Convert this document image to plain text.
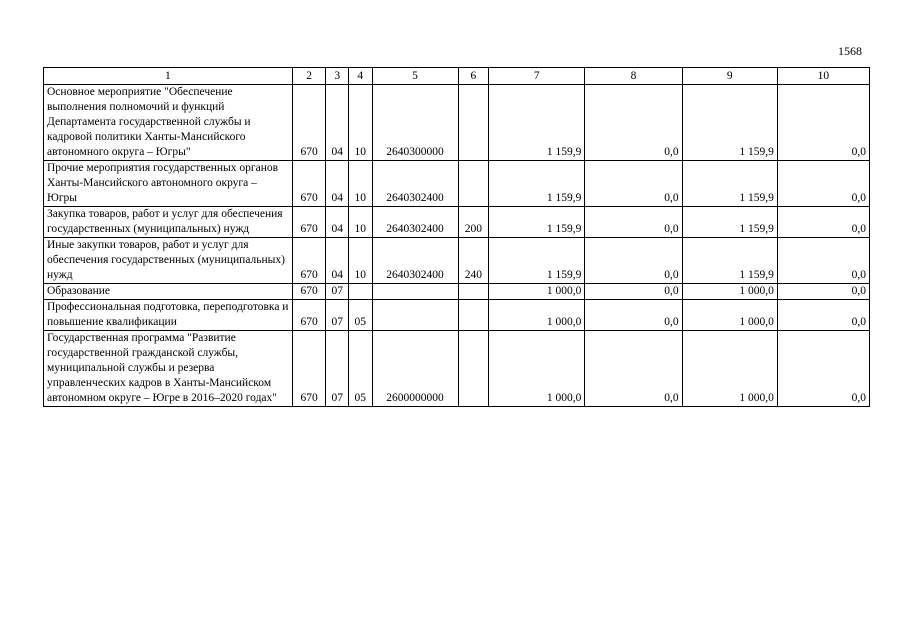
1568
1	2	3	4	5	6	7	8	9	10
Основное мероприятие "Обеспечение выполнения полномочий и функций Департамента государственной службы и кадровой политики Ханты-Мансийского автономного округа – Югры"	670	04	10	2640300000		1 159,9	0,0	1 159,9	0,0
Прочие мероприятия государственных органов Ханты-Мансийского автономного округа – Югры	670	04	10	2640302400		1 159,9	0,0	1 159,9	0,0
Закупка товаров, работ и услуг для обеспечения государственных (муниципальных) нужд	670	04	10	2640302400	200	1 159,9	0,0	1 159,9	0,0
Иные закупки товаров, работ и услуг для обеспечения государственных (муниципальных) нужд	670	04	10	2640302400	240	1 159,9	0,0	1 159,9	0,0
Образование	670	07				1 000,0	0,0	1 000,0	0,0
Профессиональная подготовка, переподготовка и повышение квалификации	670	07	05			1 000,0	0,0	1 000,0	0,0
Государственная программа "Развитие государственной гражданской службы, муниципальной службы и резерва управленческих кадров в Ханты-Мансийском автономном округе – Югре в 2016–2020 годах"	670	07	05	2600000000		1 000,0	0,0	1 000,0	0,0
